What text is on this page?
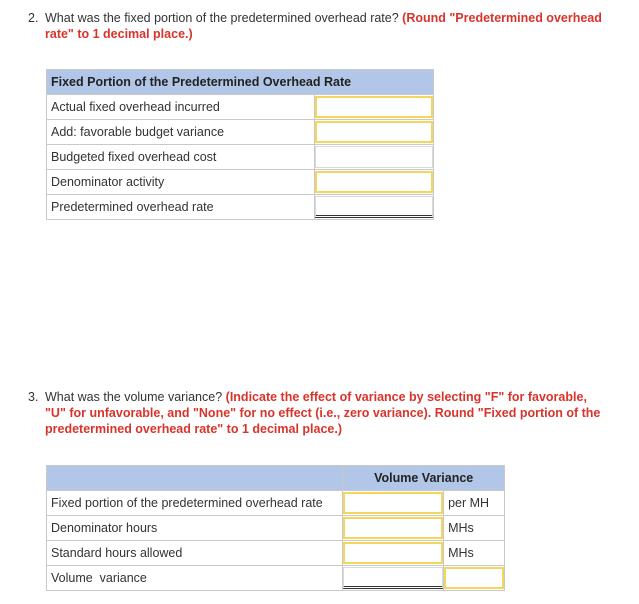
2. What was the fixed portion of the predetermined overhead rate? (Round "Predetermined overhead
rate" to 1 decimal place.)
Fixed Portion of the Predetermined Overhead Rate	
Actual fixed overhead incurred	

Add: favorable budget variance	

Budgeted fixed overhead cost	

Denominator activity	

Predetermined overhead rate	
3. What was the volume variance? (Indicate the effect of variance by selecting "F" for favorable,
"U" for unfavorable, and "None" for no effect (i.e., zero variance). Round "Fixed portion of the
predetermined overhead rate" to 1 decimal place.)
	Volume Variance	
Fixed portion of the predetermined overhead rate		per MH
Denominator hours		MHs
Standard hours allowed		MHs
Volume  variance	
